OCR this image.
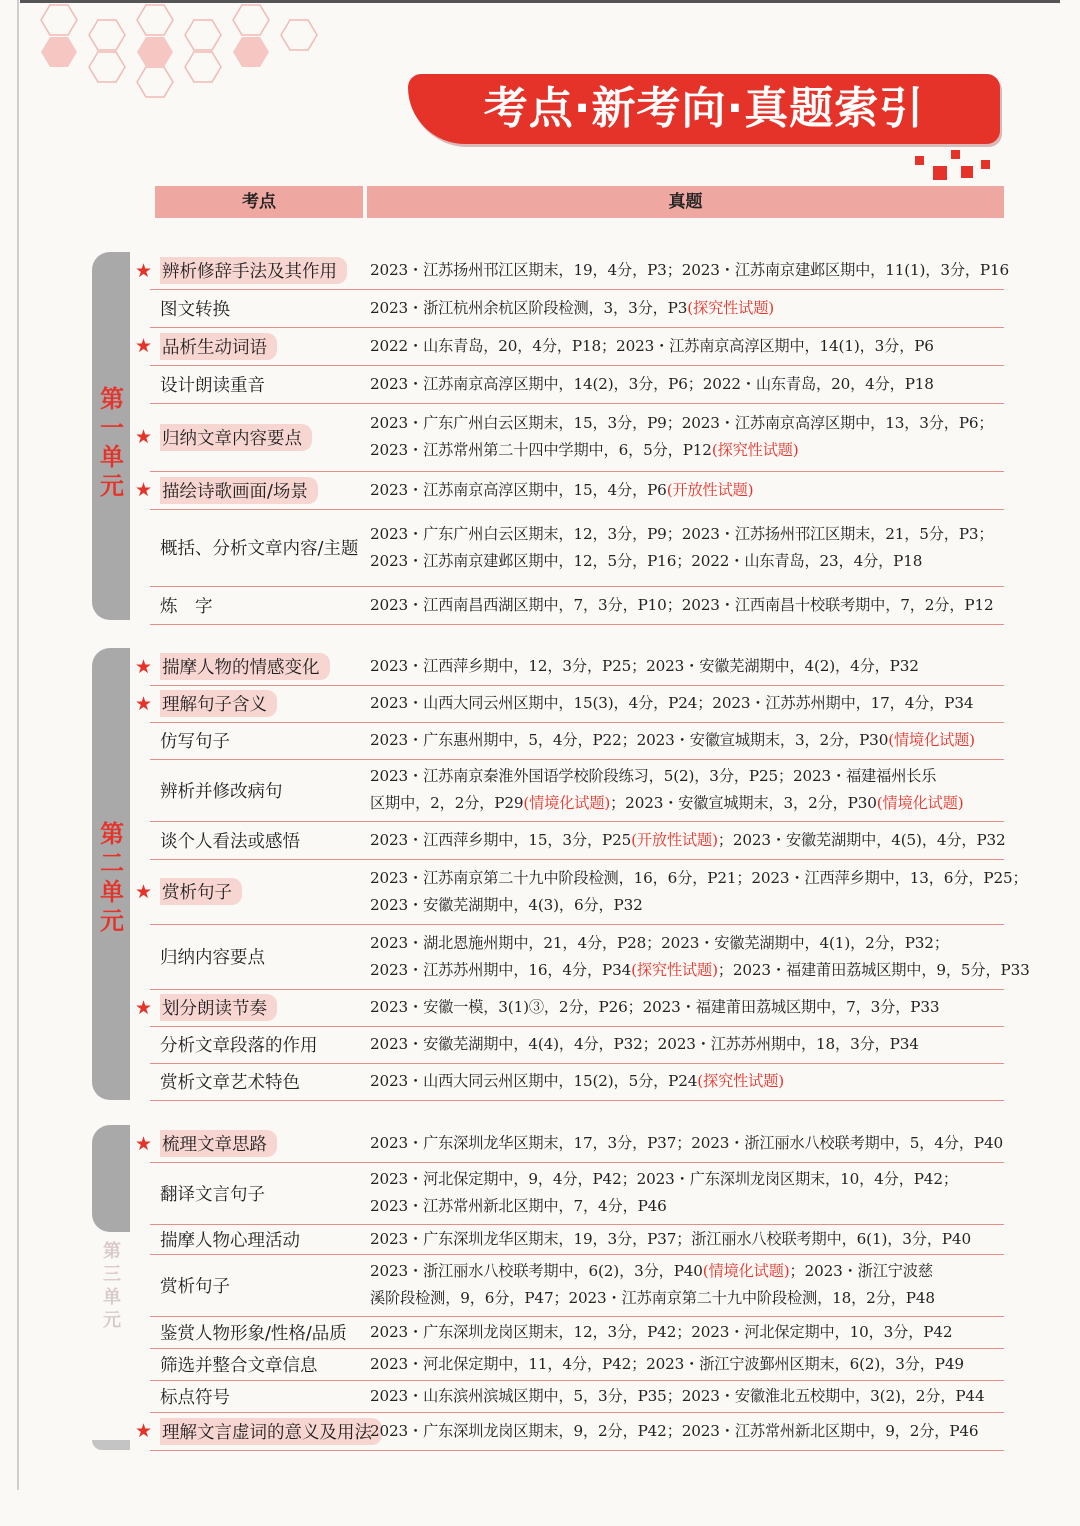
考点·新考向·真题索引
考点	真题
第一单元
第二单元
第三单元
★ 辨析修辞手法及其作用	2023・江苏扬州邗江区期末，19，4分，P3；2023・江苏南京建邺区期中，11(1)，3分，P16
图文转换	2023・浙江杭州余杭区阶段检测，3，3分，P3(探究性试题)
★ 品析生动词语	2022・山东青岛，20，4分，P18；2023・江苏南京高淳区期中，14(1)，3分，P6
设计朗读重音	2023・江苏南京高淳区期中，14(2)，3分，P6；2022・山东青岛，20，4分，P18
★ 归纳文章内容要点
2023・广东广州白云区期末，15，3分，P9；2023・江苏南京高淳区期中，13，3分，P6；
2023・江苏常州第二十四中学期中，6，5分，P12(探究性试题)
★ 描绘诗歌画面/场景	2023・江苏南京高淳区期中，15，4分，P6(开放性试题)
概括、分析文章内容/主题
2023・广东广州白云区期末，12，3分，P9；2023・江苏扬州邗江区期末，21，5分，P3；
2023・江苏南京建邺区期中，12，5分，P16；2022・山东青岛，23，4分，P18
炼　字	2023・江西南昌西湖区期中，7，3分，P10；2023・江西南昌十校联考期中，7，2分，P12
★ 揣摩人物的情感变化	2023・江西萍乡期中，12，3分，P25；2023・安徽芜湖期中，4(2)，4分，P32
★ 理解句子含义	2023・山西大同云州区期中，15(3)，4分，P24；2023・江苏苏州期中，17，4分，P34
仿写句子	2023・广东惠州期中，5，4分，P22；2023・安徽宣城期末，3，2分，P30(情境化试题)
辨析并修改病句
2023・江苏南京秦淮外国语学校阶段练习，5(2)，3分，P25；2023・福建福州长乐
区期中，2，2分，P29(情境化试题)；2023・安徽宣城期末，3，2分，P30(情境化试题)
谈个人看法或感悟	2023・江西萍乡期中，15，3分，P25(开放性试题)；2023・安徽芜湖期中，4(5)，4分，P32
★ 赏析句子
2023・江苏南京第二十九中阶段检测，16，6分，P21；2023・江西萍乡期中，13，6分，P25；
2023・安徽芜湖期中，4(3)，6分，P32
归纳内容要点
2023・湖北恩施州期中，21，4分，P28；2023・安徽芜湖期中，4(1)，2分，P32；
2023・江苏苏州期中，16，4分，P34(探究性试题)；2023・福建莆田荔城区期中，9，5分，P33
★ 划分朗读节奏	2023・安徽一模，3(1)③，2分，P26；2023・福建莆田荔城区期中，7，3分，P33
分析文章段落的作用	2023・安徽芜湖期中，4(4)，4分，P32；2023・江苏苏州期中，18，3分，P34
赏析文章艺术特色	2023・山西大同云州区期中，15(2)，5分，P24(探究性试题)
★ 梳理文章思路	2023・广东深圳龙华区期末，17，3分，P37；2023・浙江丽水八校联考期中，5，4分，P40
翻译文言句子
2023・河北保定期中，9，4分，P42；2023・广东深圳龙岗区期末，10，4分，P42；
2023・江苏常州新北区期中，7，4分，P46
揣摩人物心理活动	2023・广东深圳龙华区期末，19，3分，P37；浙江丽水八校联考期中，6(1)，3分，P40
赏析句子
2023・浙江丽水八校联考期中，6(2)，3分，P40(情境化试题)；2023・浙江宁波慈
溪阶段检测，9，6分，P47；2023・江苏南京第二十九中阶段检测，18，2分，P48
鉴赏人物形象/性格/品质 2023・广东深圳龙岗区期末，12，3分，P42；2023・河北保定期中，10，3分，P42
筛选并整合文章信息	2023・河北保定期中，11，4分，P42；2023・浙江宁波鄞州区期末，6(2)，3分，P49
标点符号	2023・山东滨州滨城区期中，5，3分，P35；2023・安徽淮北五校期中，3(2)，2分，P44
★ 理解文言虚词的意义及用法
2023・广东深圳龙岗区期末，9，2分，P42；2023・江苏常州新北区期中，9，2分，P46
